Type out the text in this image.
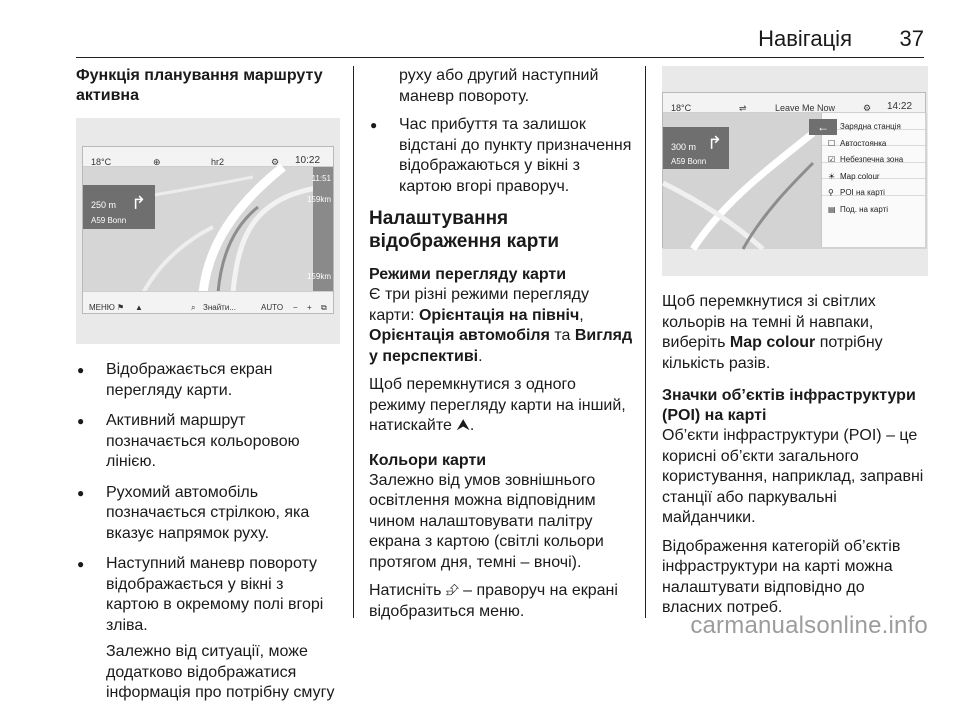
Навігація 37
Функція планування маршруту активна
18°C	⊕	hr2	⚙ 10:22
250 m
A59 Bonn
↱
11:51
159km
159km
МЕНЮ ⚑ ▲	⌕ Знайти...	AUTO − + ⧉
● Відображається екран перегляду карти.
● Активний маршрут позначається кольоровою лінією.
● Рухомий автомобіль позначається стрілкою, яка вказує напрямок руху.
● Наступний маневр повороту відображається у вікні з картою в окремому полі вгорі зліва.

Залежно від ситуації, може додатково відображатися інформація про потрібну смугу

руху або другий наступний маневр повороту.

● Час прибуття та залишок відстані до пункту призначення відображаються у вікні з картою вгорі праворуч.
Налаштування відображення карти
Режими перегляду карти

Є три різні режими перегляду карти: Орієнтація на північ, Орієнтація автомобіля та Вигляд у перспективі.

Щоб перемкнутися з одного режиму перегляду карти на інший, натискайте ⮝.

Кольори карти

Залежно від умов зовнішнього освітлення можна відповідним чином налаштовувати палітру екрана з картою (світлі кольори протягом дня, темні – вночі).

Натисніть ⮵ – праворуч на екрані відобразиться меню.

18°C	⇌	Leave Me Now	⚙ 14:22
300 m
A59 Bonn
↱
Зарядна станція
☐ Автостоянка
☑ Небезпечна зона
☀ Map colour
⚲ POI на карті
▤ Под. на карті
←

Щоб перемкнутися зі світлих кольорів на темні й навпаки, виберіть Map colour потрібну кількість разів.

Значки об’єктів інфраструктури (POI) на карті

Об’єкти інфраструктури (POI) – це корисні об’єкти загального користування, наприклад, заправні станції або паркувальні майданчики.

Відображення категорій об’єктів інфраструктури на карті можна налаштувати відповідно до власних потреб.

carmanualsonline.info
